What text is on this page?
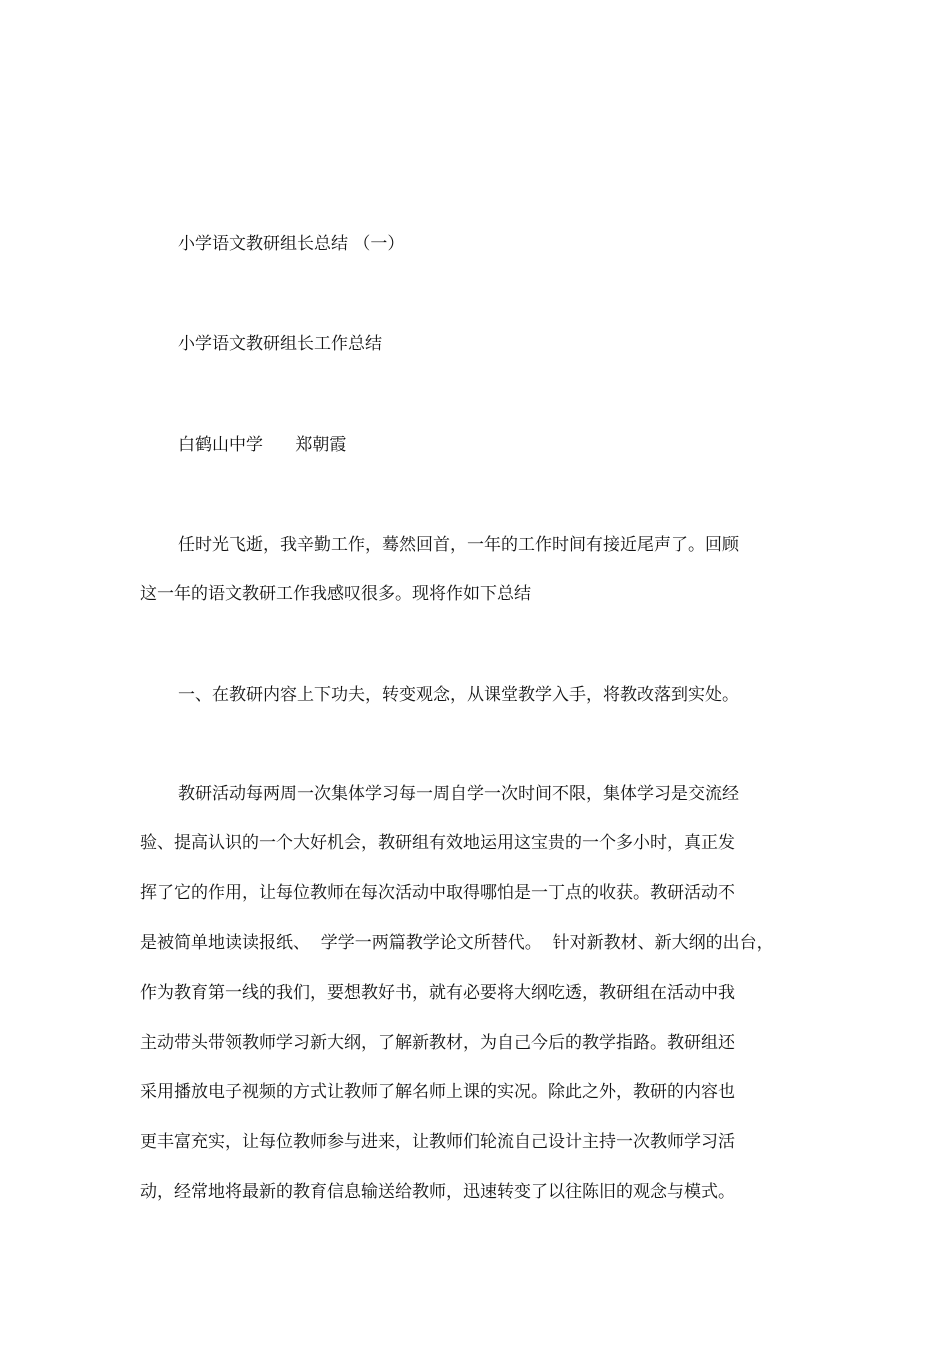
小学语文教研组长总结 （一）
小学语文教研组长工作总结
白鹤山中学      郑朝霞
任时光飞逝，我辛勤工作，蓦然回首，一年的工作时间有接近尾声了。回顾
这一年的语文教研工作我感叹很多。现将作如下总结
一、在教研内容上下功夫，转变观念，从课堂教学入手，将教改落到实处。
教研活动每两周一次集体学习每一周自学一次时间不限，集体学习是交流经
验、提高认识的一个大好机会，教研组有效地运用这宝贵的一个多小时，真正发
挥了它的作用，让每位教师在每次活动中取得哪怕是一丁点的收获。教研活动不
是被简单地读读报纸、  学学一两篇教学论文所替代。  针对新教材、新大纲的出台，
作为教育第一线的我们，要想教好书，就有必要将大纲吃透，教研组在活动中我
主动带头带领教师学习新大纲，了解新教材，为自己今后的教学指路。教研组还
采用播放电子视频的方式让教师了解名师上课的实况。除此之外，教研的内容也
更丰富充实，让每位教师参与进来，让教师们轮流自己设计主持一次教师学习活
动，经常地将最新的教育信息输送给教师，迅速转变了以往陈旧的观念与模式。
